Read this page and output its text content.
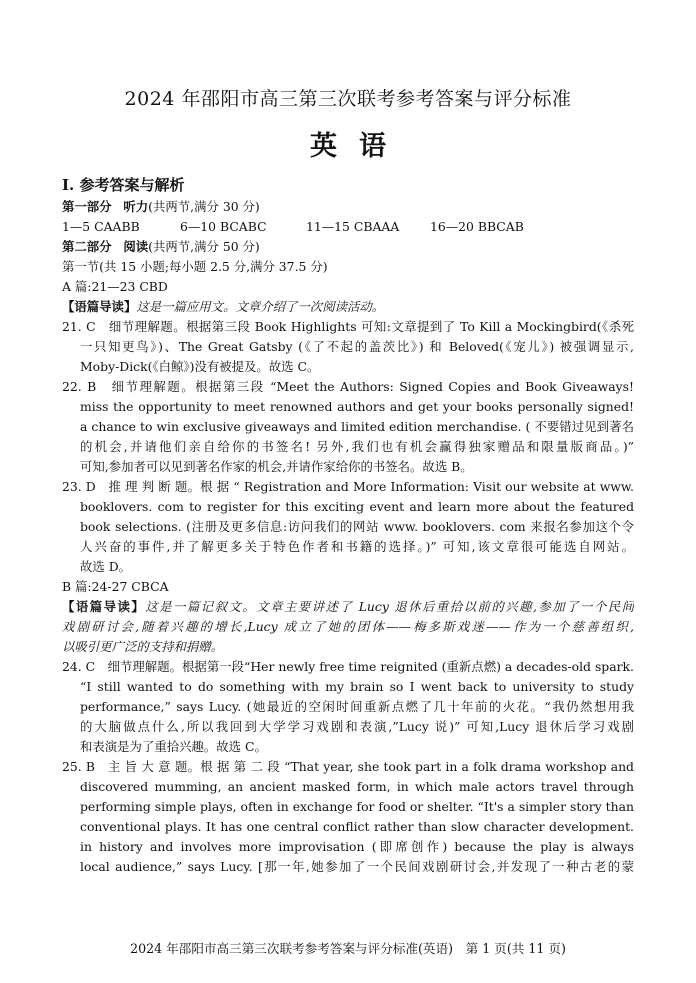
2024 年邵阳市高三第三次联考参考答案与评分标准
英语
Ⅰ. 参考答案与解析
第一部分 听力(共两节,满分 30 分)
1—5 CAABB	6—10 BCABC	11—15 CBAAA 16—20 BBCAB
第二部分 阅读(共两节,满分 50 分)
第一节(共 15 小题;每小题 2.5 分,满分 37.5 分)
A 篇:21—23 CBD
【语篇导读】这是一篇应用文。文章介绍了一次阅读活动。
21. C　细节理解题。根据第三段 Book Highlights 可知:文章提到了 To Kill a Mockingbird(《杀死
一只知更鸟》)、The Great Gatsby (《了不起的盖茨比》) 和 Beloved(《宠儿》) 被强调显示,
Moby-Dick(《白鲸》)没有被提及。故选 C。
22. B　细节理解题。根据第三段 “Meet the Authors: Signed Copies and Book Giveaways!
miss the opportunity to meet renowned authors and get your books personally signed!
a chance to win exclusive giveaways and limited edition merchandise. ( 不要错过见到著名
的机会,并请他们亲自给你的书签名! 另外,我们也有机会赢得独家赠品和限量版商品。)”
可知,参加者可以见到著名作家的机会,并请作家给你的书签名。故选 B。
23. D　推 理 判 断 题。根 据 “ Registration and More Information: Visit our website at www.
booklovers. com to register for this exciting event and learn more about the featured
book selections. (注册及更多信息:访问我们的网站 www. booklovers. com 来报名参加这个令
人兴奋的事件,并了解更多关于特色作者和书籍的选择。)” 可知,该文章很可能选自网站。
故选 D。
B 篇:24-27 CBCA
【语篇导读】这是一篇记叙文。文章主要讲述了 Lucy 退休后重拾以前的兴趣,参加了一个民间
戏剧研讨会,随着兴趣的增长,Lucy 成立了她的团体——梅多斯戏迷——作为一个慈善组织,
以吸引更广泛的支持和捐赠。
24. C　细节理解题。根据第一段“Her newly free time reignited (重新点燃) a decades-old spark.
“I still wanted to do something with my brain so I went back to university to study
performance,” says Lucy. (她最近的空闲时间重新点燃了几十年前的火花。“我仍然想用我
的大脑做点什么,所以我回到大学学习戏剧和表演,”Lucy 说)” 可知,Lucy 退休后学习戏剧
和表演是为了重拾兴趣。故选 C。
25. B　主 旨 大 意 题。根 据 第 二 段 “That year, she took part in a folk drama workshop and
discovered mumming, an ancient masked form, in which male actors travel through
performing simple plays, often in exchange for food or shelter. “It's a simpler story than
conventional plays. It has one central conflict rather than slow character development.
in history and involves more improvisation (即席创作) because the play is always
local audience,” says Lucy. [那一年,她参加了一个民间戏剧研讨会,并发现了一种古老的蒙
2024 年邵阳市高三第三次联考参考答案与评分标准(英语)　第 1 页(共 11 页)
